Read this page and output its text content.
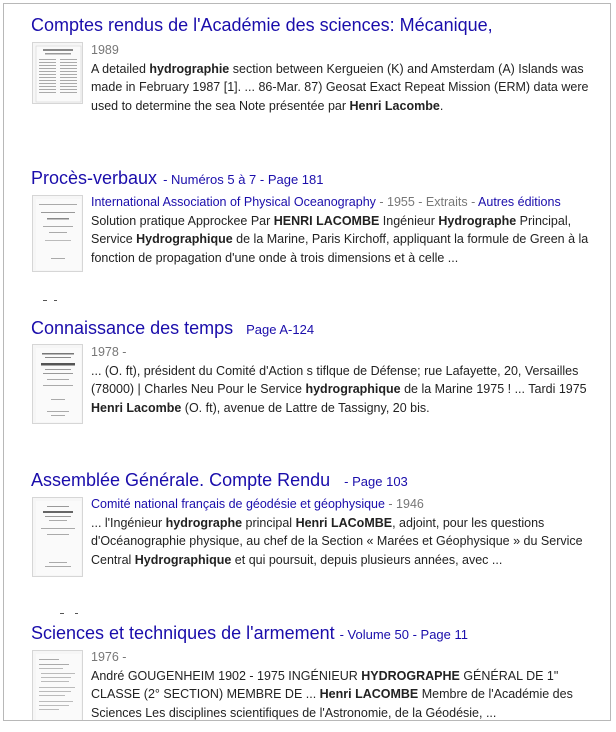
Comptes rendus de l'Académie des sciences: Mécanique,
1989
A detailed hydrographie section between Kergueien (K) and Amsterdam (A) Islands was
made in February 1987 [1]. ... 86-Mar. 87) Geosat Exact Repeat Mission (ERM) data were
used to determine the sea Note présentée par Henri Lacombe.
Procès-verbaux - Numéros 5 à 7 - Page 181
International Association of Physical Oceanography - 1955 - Extraits - Autres éditions
Solution pratique Approckee Par HENRI LACOMBE Ingénieur Hydrographe Principal,
Service Hydrographique de la Marine, Paris Kirchoff, appliquant la formule de Green à la
fonction de propagation d'une onde à trois dimensions et à celle ...
Connaissance des temps Page A-124
1978 -
... (O. ft), président du Comité d'Action s tiflque de Défense; rue Lafayette, 20, Versailles
(78000) | Charles Neu Pour le Service hydrographique de la Marine 1975 ! ... Tardi 1975
Henri Lacombe (O. ft), avenue de Lattre de Tassigny, 20 bis.
Assemblée Générale. Compte Rendu - Page 103
Comité national français de géodésie et géophysique - 1946
... l'Ingénieur hydrographe principal Henri LACoMBE, adjoint, pour les questions
d'Océanographie physique, au chef de la Section « Marées et Géophysique » du Service
Central Hydrographique et qui poursuit, depuis plusieurs années, avec ...
Sciences et techniques de l'armement - Volume 50 - Page 11
1976 -
André GOUGENHEIM 1902 - 1975 INGÉNIEUR HYDROGRAPHE GÉNÉRAL DE 1"
CLASSE (2° SECTION) MEMBRE DE ... Henri LACOMBE Membre de l'Académie des
Sciences Les disciplines scientifiques de l'Astronomie, de la Géodésie, ...
